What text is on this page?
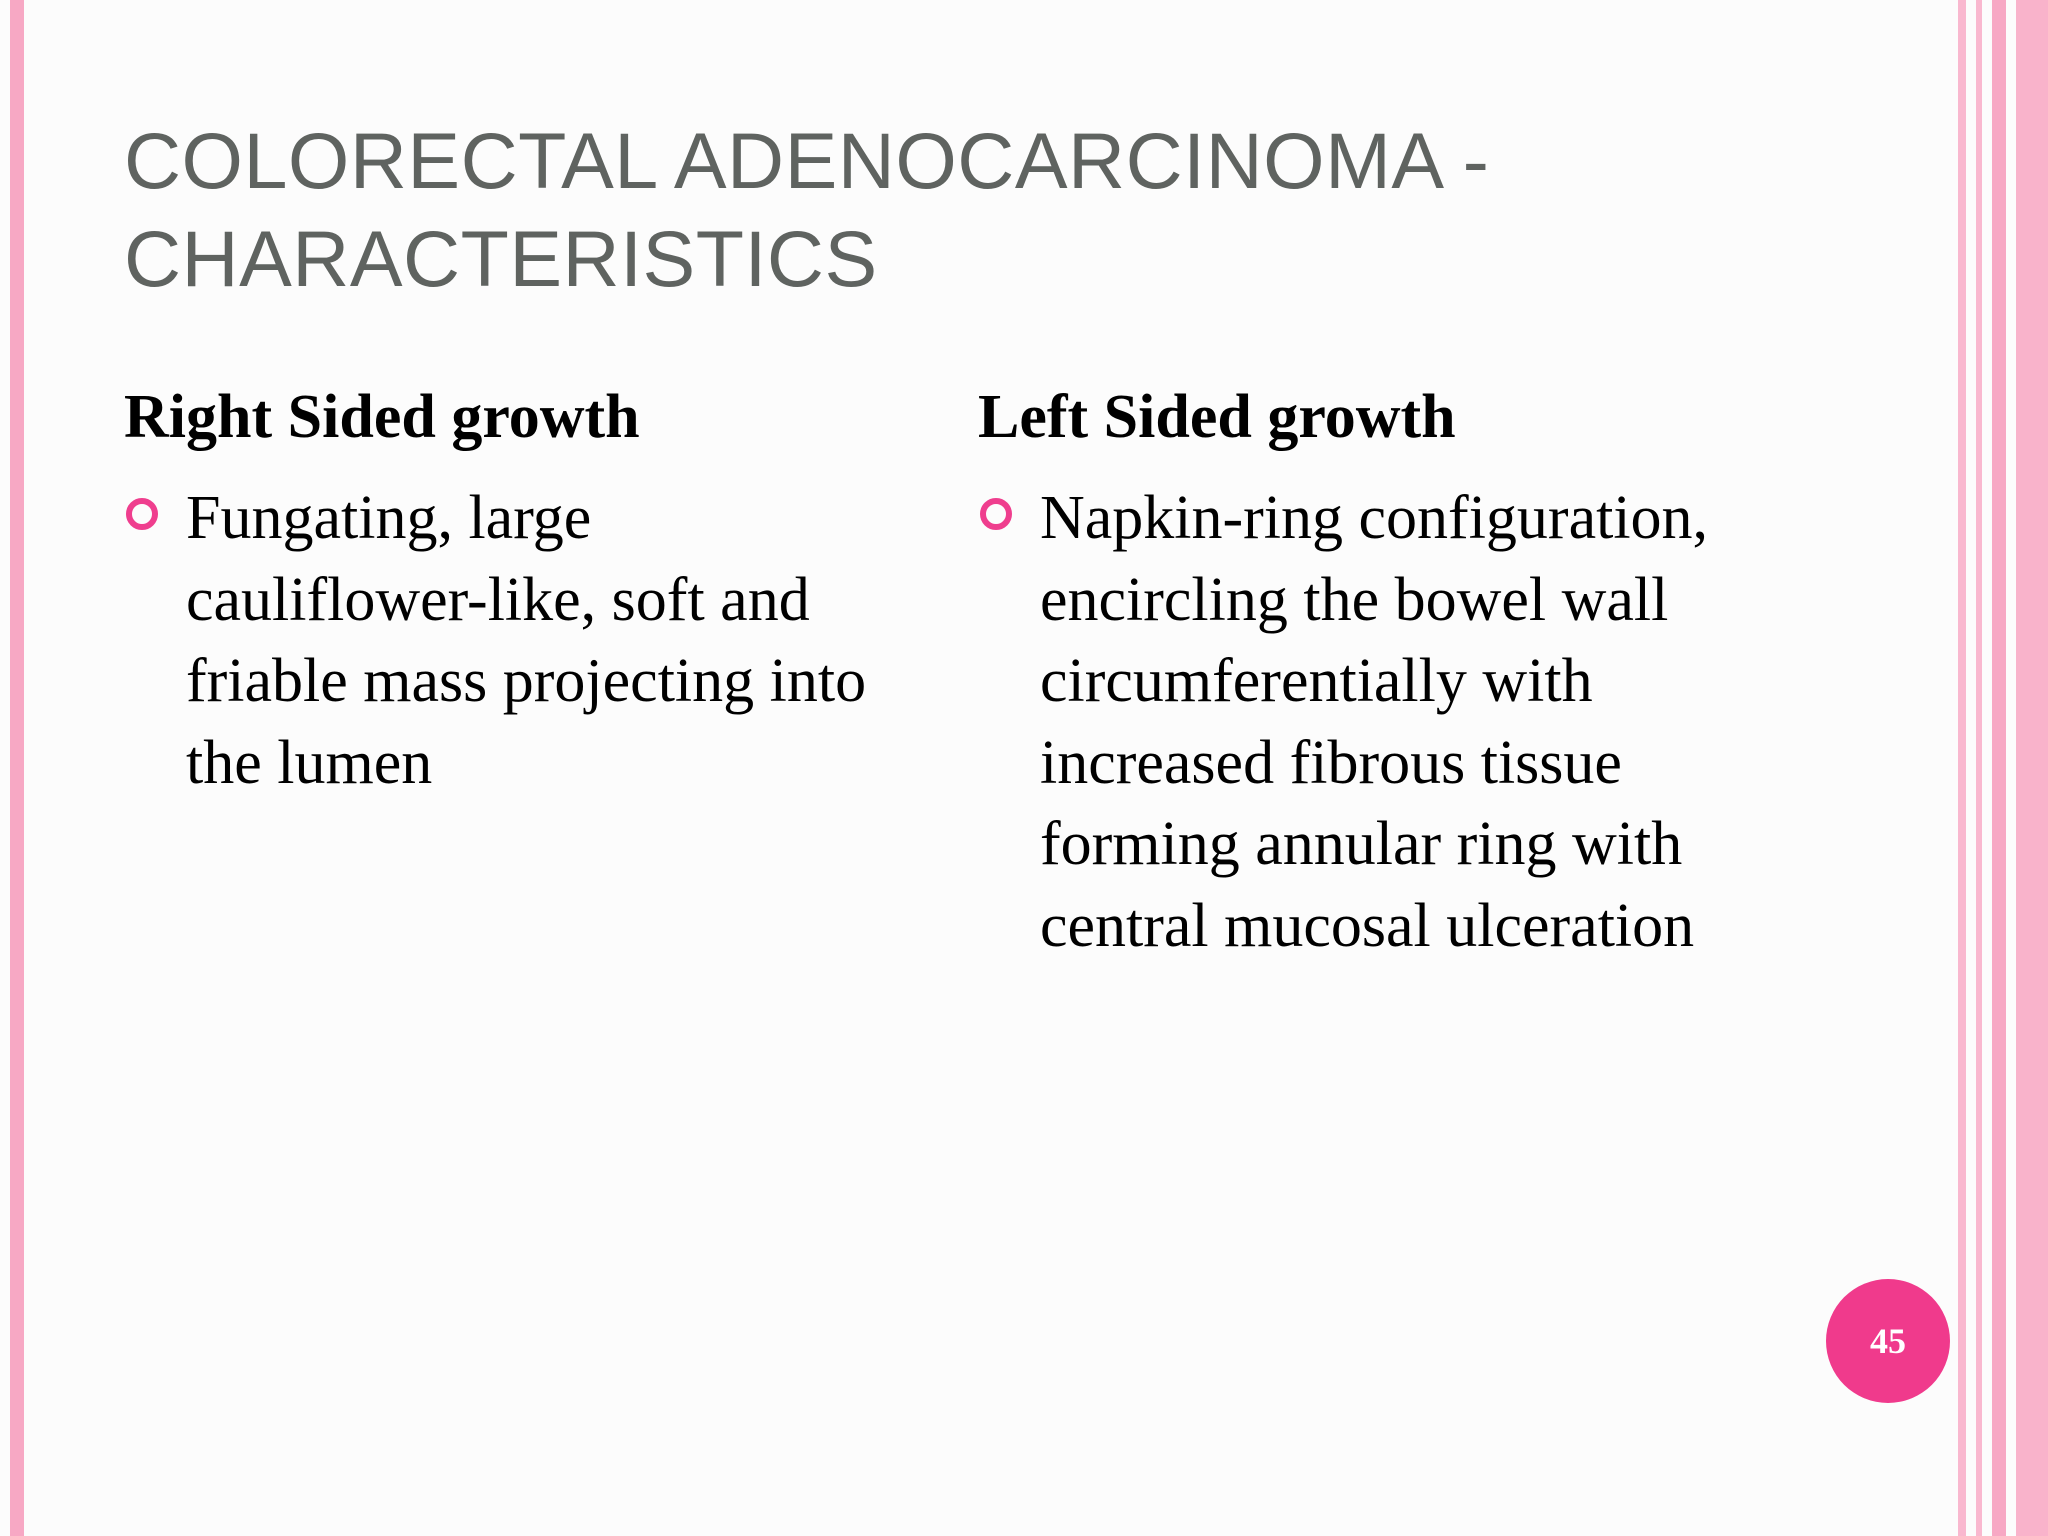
COLORECTAL ADENOCARCINOMA - CHARACTERISTICS
Right Sided growth
Fungating, large cauliflower-like, soft and friable mass projecting into the lumen
Left Sided growth
Napkin-ring configuration, encircling the bowel wall circumferentially with increased fibrous tissue forming annular ring with central mucosal ulceration
45
